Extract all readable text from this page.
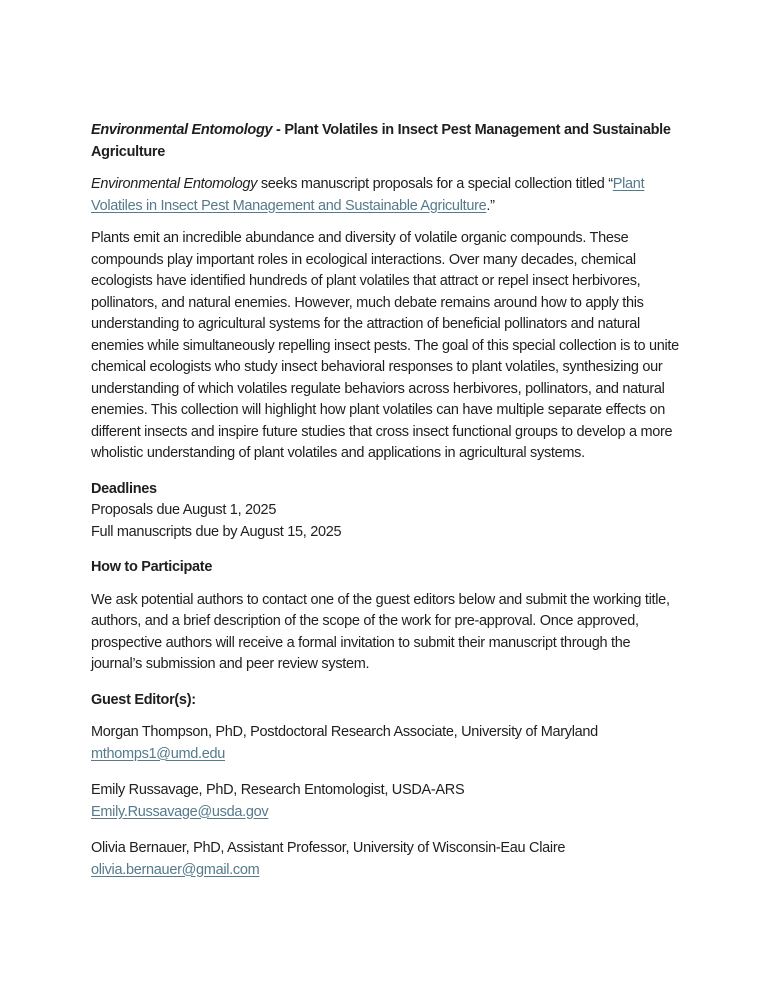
Environmental Entomology - Plant Volatiles in Insect Pest Management and Sustainable Agriculture

Environmental Entomology seeks manuscript proposals for a special collection titled “Plant Volatiles in Insect Pest Management and Sustainable Agriculture.”

Plants emit an incredible abundance and diversity of volatile organic compounds. These compounds play important roles in ecological interactions. Over many decades, chemical ecologists have identified hundreds of plant volatiles that attract or repel insect herbivores, pollinators, and natural enemies. However, much debate remains around how to apply this understanding to agricultural systems for the attraction of beneficial pollinators and natural enemies while simultaneously repelling insect pests. The goal of this special collection is to unite chemical ecologists who study insect behavioral responses to plant volatiles, synthesizing our understanding of which volatiles regulate behaviors across herbivores, pollinators, and natural enemies. This collection will highlight how plant volatiles can have multiple separate effects on different insects and inspire future studies that cross insect functional groups to develop a more wholistic understanding of plant volatiles and applications in agricultural systems.

Deadlines
Proposals due August 1, 2025
Full manuscripts due by August 15, 2025

How to Participate

We ask potential authors to contact one of the guest editors below and submit the working title, authors, and a brief description of the scope of the work for pre-approval. Once approved, prospective authors will receive a formal invitation to submit their manuscript through the journal’s submission and peer review system.

Guest Editor(s):

Morgan Thompson, PhD, Postdoctoral Research Associate, University of Maryland
mthomps1@umd.edu
Emily Russavage, PhD, Research Entomologist, USDA-ARS
Emily.Russavage@usda.gov
Olivia Bernauer, PhD, Assistant Professor, University of Wisconsin-Eau Claire
olivia.bernauer@gmail.com
